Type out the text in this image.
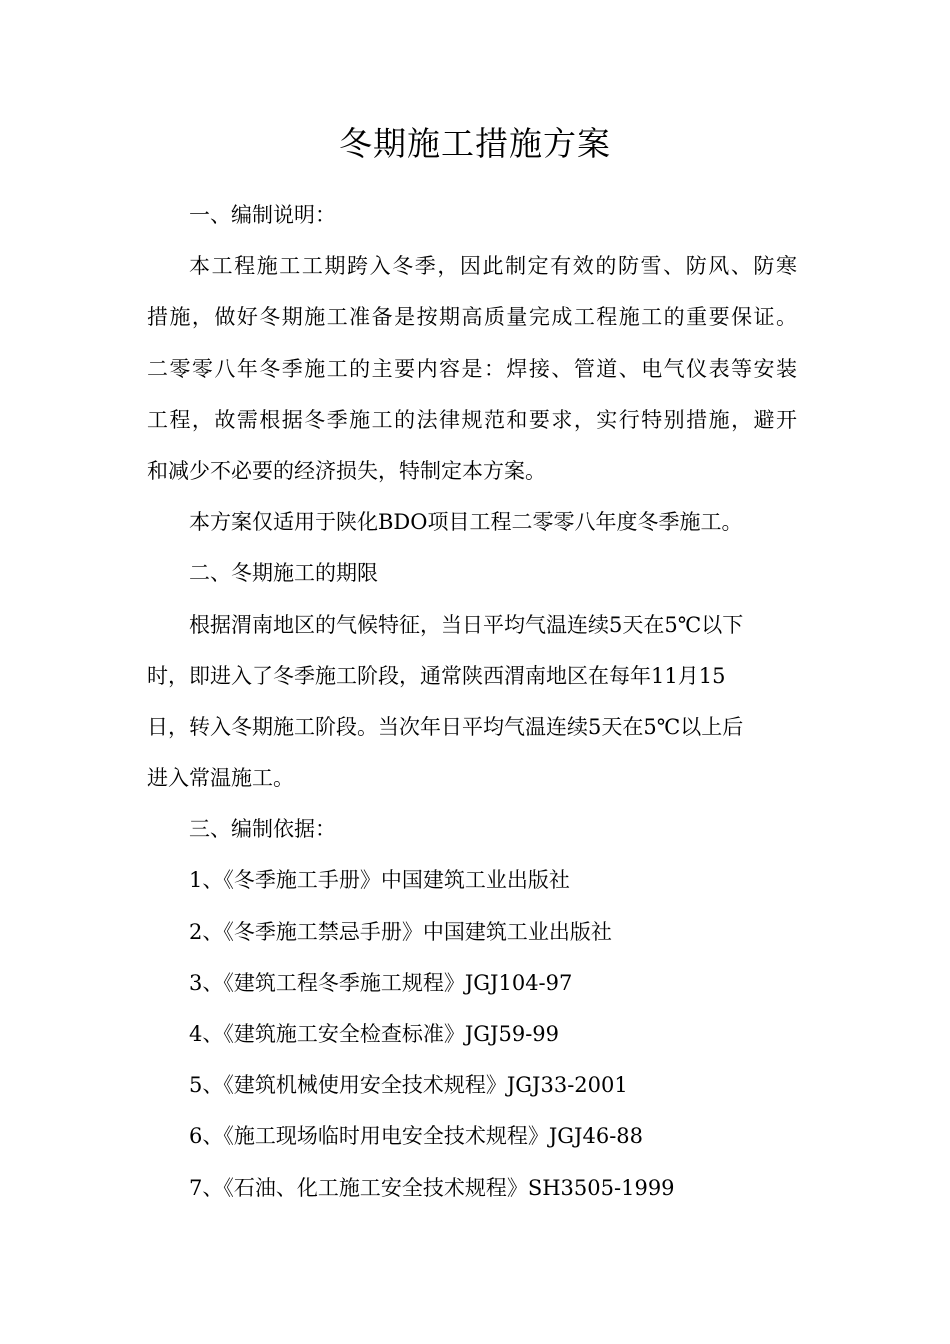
冬期施工措施方案
一、编制说明：
本工程施工工期跨入冬季，因此制定有效的防雪、防风、防寒
措施，做好冬期施工准备是按期高质量完成工程施工的重要保证。
二零零八年冬季施工的主要内容是：焊接、管道、电气仪表等安装
工程，故需根据冬季施工的法律规范和要求，实行特别措施，避开
和减少不必要的经济损失，特制定本方案。
本方案仅适用于陕化BDO项目工程二零零八年度冬季施工。
二、冬期施工的期限
根据渭南地区的气候特征，当日平均气温连续5天在5℃以下
时，即进入了冬季施工阶段，通常陕西渭南地区在每年11月15
日，转入冬期施工阶段。当次年日平均气温连续5天在5℃以上后
进入常温施工。
三、编制依据：
1、《冬季施工手册》中国建筑工业出版社
2、《冬季施工禁忌手册》中国建筑工业出版社
3、《建筑工程冬季施工规程》JGJ104-97
4、《建筑施工安全检查标准》JGJ59-99
5、《建筑机械使用安全技术规程》JGJ33-2001
6、《施工现场临时用电安全技术规程》JGJ46-88
7、《石油、化工施工安全技术规程》SH3505-1999
